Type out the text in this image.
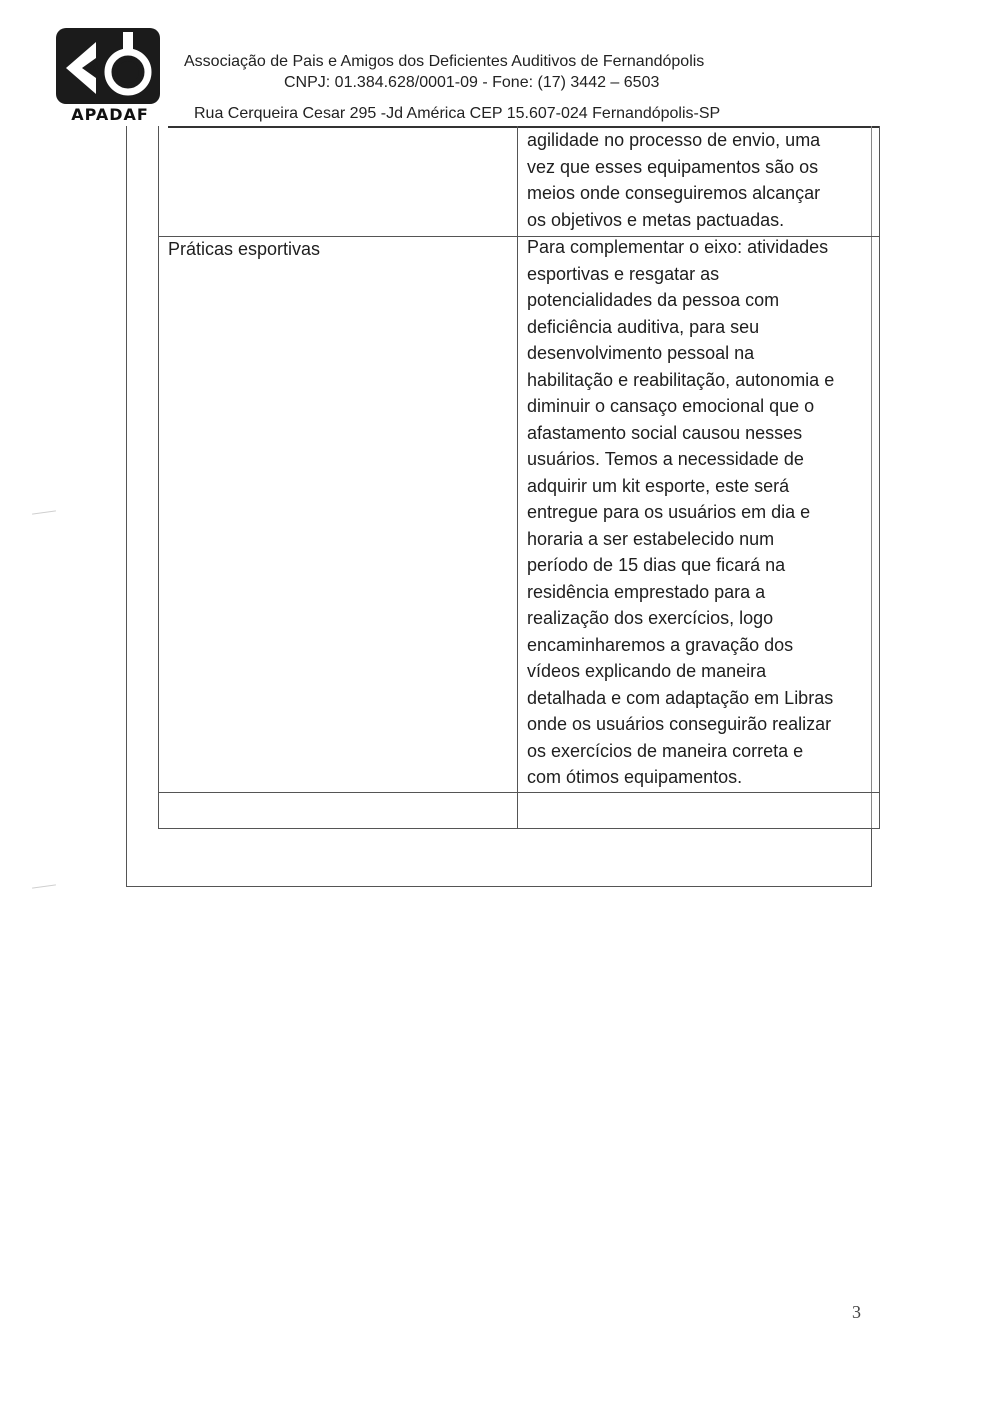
A
APADAF
Associação de Pais e Amigos dos Deficientes Auditivos de Fernandópolis
CNPJ: 01.384.628/0001-09 - Fone: (17) 3442 – 6503
Rua Cerqueira Cesar 295 -Jd América CEP 15.607-024 Fernandópolis-SP
agilidade no processo de envio, uma
vez que esses equipamentos são os
meios onde conseguiremos alcançar
os objetivos e metas pactuadas.
Práticas esportivas	Para complementar o eixo: atividades
esportivas e resgatar as
potencialidades da pessoa com
deficiência auditiva, para seu
desenvolvimento pessoal na
habilitação e reabilitação, autonomia e
diminuir o cansaço emocional que o
afastamento social causou nesses
usuários. Temos a necessidade de
adquirir um kit esporte, este será
entregue para os usuários em dia e
horaria a ser estabelecido num
período de 15 dias que ficará na
residência emprestado para a
realização dos exercícios, logo
encaminharemos a gravação dos
vídeos explicando de maneira
detalhada e com adaptação em Libras
onde os usuários conseguirão realizar
os exercícios de maneira correta e
com ótimos equipamentos.
3
